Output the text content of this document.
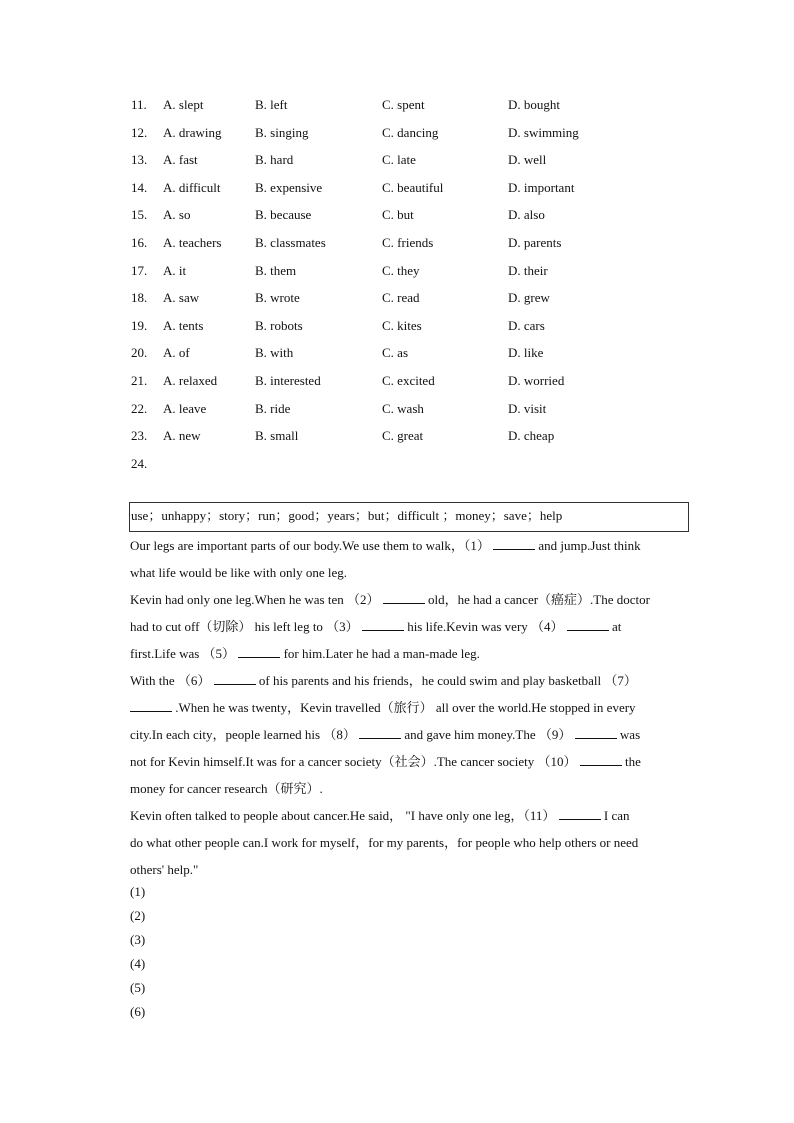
11. A. slept	B. left	C. spent	D. bought
12. A. drawing	B. singing	C. dancing	D. swimming
13. A. fast	B. hard	C. late	D. well
14. A. difficult	B. expensive	C. beautiful	D. important
15. A. so	B. because	C. but	D. also
16. A. teachers	B. classmates	C. friends	D. parents
17. A. it	B. them	C. they	D. their
18. A. saw	B. wrote	C. read	D. grew
19. A. tents	B. robots	C. kites	D. cars
20. A. of	B. with	C. as	D. like
21. A. relaxed	B. interested	C. excited	D. worried
22. A. leave	B. ride	C. wash	D. visit
23. A. new	B. small	C. great	D. cheap
24.
use；unhappy；story；run；good；years；but；difficult ；money；save；help
Our legs are important parts of our body.We use them to walk，（1）	and jump.Just think
what life would be like with only one leg.
Kevin had only one leg.When he was ten （2）	old，he had a cancer（癌症）.The doctor
had to cut off（切除） his left leg to （3）	his life.Kevin was very （4）	at
first.Life was （5）	for him.Later he had a man-made leg.
With the （6）	of his parents and his friends，he could swim and play basketball （7）
.When he was twenty，Kevin travelled（旅行） all over the world.He stopped in every
city.In each city，people learned his （8）	and gave him money.The （9）	was
not for Kevin himself.It was for a cancer society（社会）.The cancer society （10）	the
money for cancer research（研究）.
Kevin often talked to people about cancer.He said， "I have only one leg，（11）	I can
do what other people can.I work for myself，for my parents，for people who help others or need
others' help."
(1)
(2)
(3)
(4)
(5)
(6)
